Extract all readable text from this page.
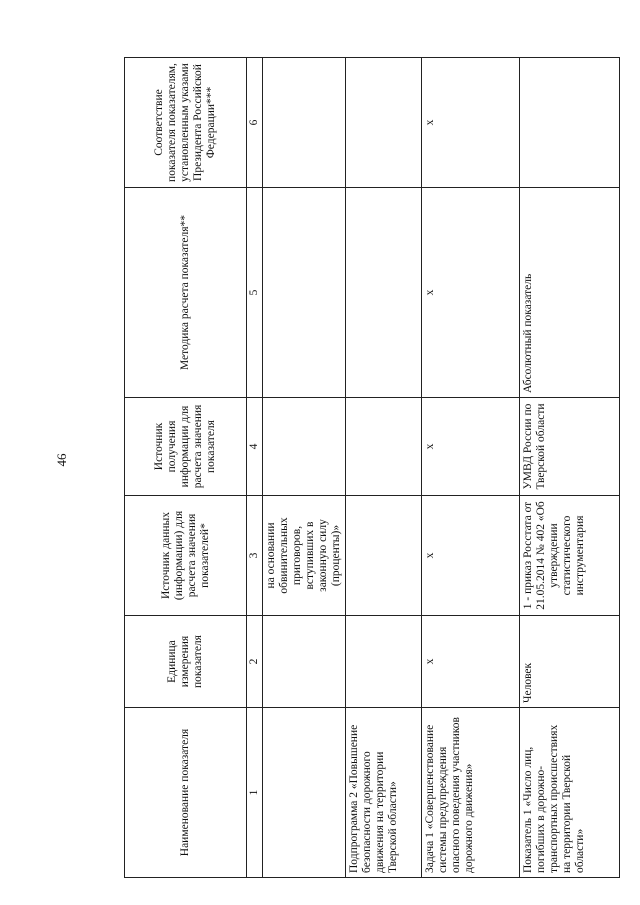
46
Наименование показателя	Единица измерения показателя	Источник данных (информации) для расчета значения показателей*	Источник получения информации для расчета значения показателя	Методика расчета показателя**	Соответствие показателя показателям, установленным указами Президента Российской Федерации***
1	2	3	4	5	6
		на основании обвинительных приговоров, вступивших в законную силу (проценты)»			
Подпрограмма 2 «Повышение безопасности дорожного движения на территории Тверской области»					
Задача 1 «Совершенствование системы предупреждения опасного поведения участников дорожного движения»	х	х	х	х	х
Показатель 1 «Число лиц, погибших в дорожно-транспортных происшествиях на территории Тверской области»	Человек	1 - приказ Росстата от 21.05.2014 № 402 «Об утверждении статистического инструментария	УМВД России по Тверской области	Абсолютный показатель	
